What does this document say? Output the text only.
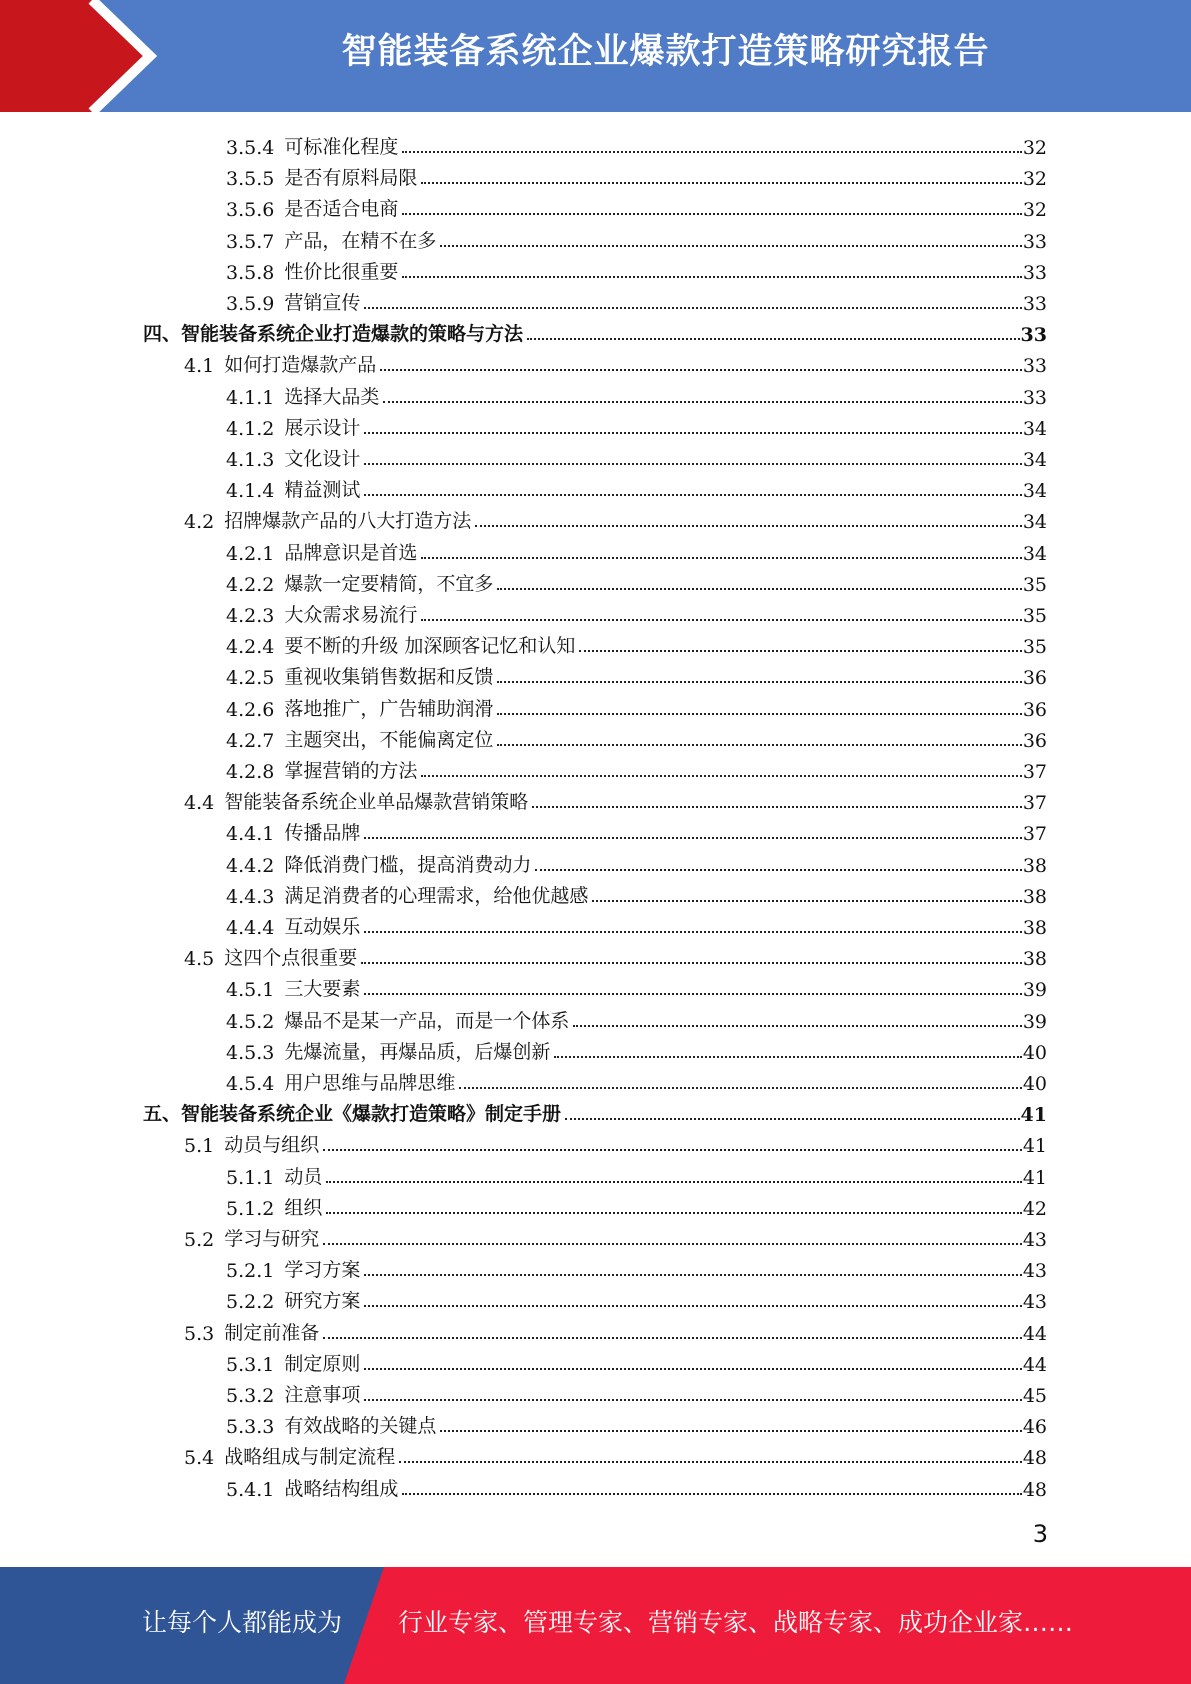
智能装备系统企业爆款打造策略研究报告
3.5.4 可标准化程度	32
3.5.5 是否有原料局限	32
3.5.6 是否适合电商	32
3.5.7 产品，在精不在多	33
3.5.8 性价比很重要	33
3.5.9 营销宣传	33
四、 智能装备系统企业打造爆款的策略与方法	33
4.1 如何打造爆款产品	33
4.1.1 选择大品类	33
4.1.2 展示设计	34
4.1.3 文化设计	34
4.1.4 精益测试	34
4.2 招牌爆款产品的八大打造方法	34
4.2.1 品牌意识是首选	34
4.2.2 爆款一定要精简，不宜多	35
4.2.3 大众需求易流行	35
4.2.4 要不断的升级 加深顾客记忆和认知	35
4.2.5 重视收集销售数据和反馈	36
4.2.6 落地推广，广告辅助润滑	36
4.2.7 主题突出，不能偏离定位	36
4.2.8 掌握营销的方法	37
4.4 智能装备系统企业单品爆款营销策略	37
4.4.1 传播品牌	37
4.4.2 降低消费门槛，提高消费动力	38
4.4.3 满足消费者的心理需求，给他优越感	38
4.4.4 互动娱乐	38
4.5 这四个点很重要	38
4.5.1 三大要素	39
4.5.2 爆品不是某一产品，而是一个体系	39
4.5.3 先爆流量，再爆品质，后爆创新	40
4.5.4 用户思维与品牌思维	40
五、 智能装备系统企业《爆款打造策略》制定手册	41
5.1 动员与组织	41
5.1.1 动员	41
5.1.2 组织	42
5.2 学习与研究	43
5.2.1 学习方案	43
5.2.2 研究方案	43
5.3 制定前准备	44
5.3.1 制定原则	44
5.3.2 注意事项	45
5.3.3 有效战略的关键点	46
5.4 战略组成与制定流程	48
5.4.1 战略结构组成	48
3
让每个人都能成为 行业专家、管理专家、营销专家、战略专家、成功企业家……
